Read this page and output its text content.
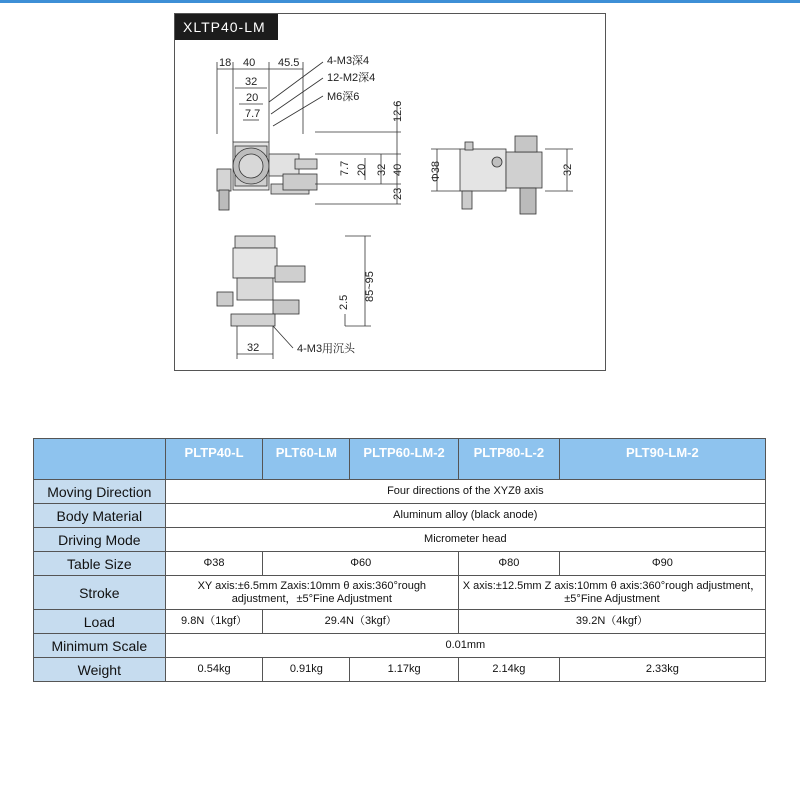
XLTP40-LM
18 40 45.5
32
20
7.7
4-M3深4
12-M2深4
M6深6
12.6
32 40
23
7.7 20	Φ38	32
85~95
2.5
32	4-M3用沉头
	PLTP40-L	PLT60-LM	PLTP60-LM-2	PLTP80-L-2	PLT90-LM-2
Moving Direction	Four directions of the XYZθ axis				
Body Material	Aluminum alloy (black anode)				
Driving Mode	Micrometer head				
Table Size	Φ38	Φ60		Φ80	Φ90
Stroke	XY axis:±6.5mm Zaxis:10mm θ axis:360°rough adjustment，±5°Fine Adjustment			X axis:±12.5mm Z axis:10mm θ axis:360°rough adjustment，±5°Fine Adjustment	
Load	9.8N（1kgf）	29.4N（3kgf）		39.2N（4kgf）	
Minimum Scale	0.01mm				
Weight	0.54kg	0.91kg	1.17kg	2.14kg	2.33kg
